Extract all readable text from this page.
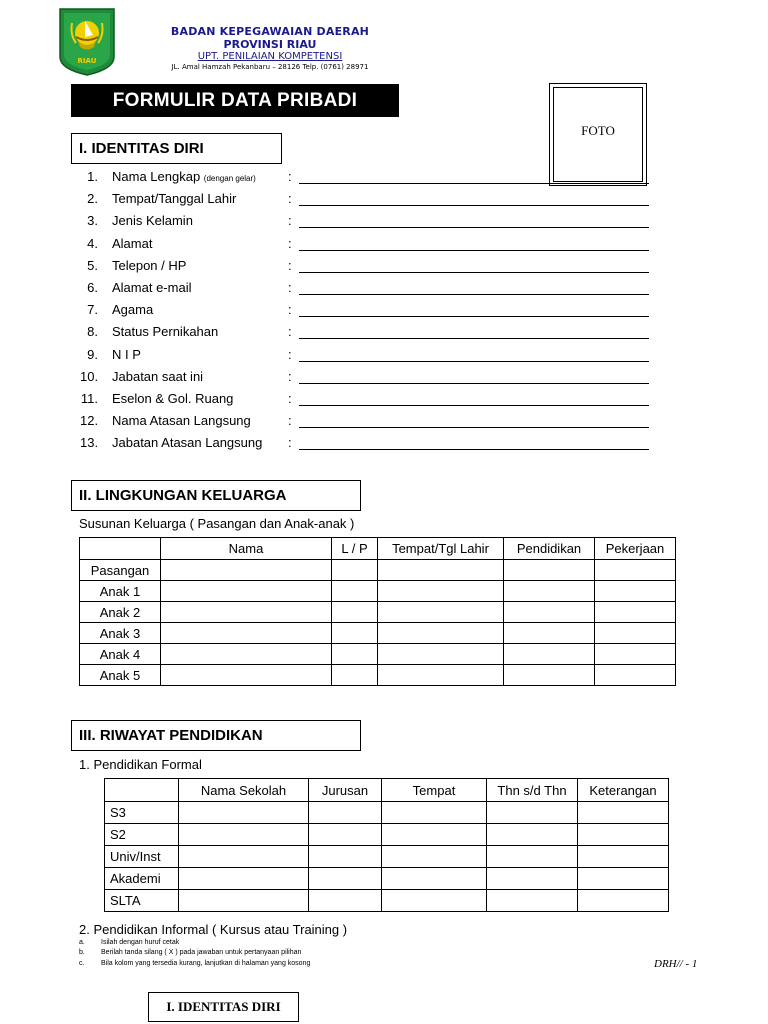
RIAU
BADAN KEPEGAWAIAN DAERAH
PROVINSI RIAU
UPT. PENILAIAN KOMPETENSI
JL. Amal Hamzah Pekanbaru – 28126 Telp. (0761) 28971
FORMULIR DATA PRIBADI
FOTO
I. IDENTITAS DIRI
1. Nama Lengkap (dengan gelar) :
2. Tempat/Tanggal Lahir	:
3. Jenis Kelamin	:
4. Alamat	:
5. Telepon / HP	:
6. Alamat e-mail	:
7. Agama	:
8. Status Pernikahan	:
9. N I P	:
10. Jabatan saat ini	:
11. Eselon & Gol. Ruang	:
12. Nama Atasan Langsung	:
13. Jabatan Atasan Langsung :
II. LINGKUNGAN KELUARGA
Susunan Keluarga ( Pasangan dan Anak-anak )
	Nama	L / P	Tempat/Tgl Lahir	Pendidikan	Pekerjaan
Pasangan					
Anak 1					
Anak 2					
Anak 3					
Anak 4					
Anak 5					
III. RIWAYAT PENDIDIKAN
1. Pendidikan Formal
	Nama Sekolah	Jurusan	Tempat	Thn s/d Thn	Keterangan
S3					
S2					
Univ/Inst					
Akademi					
SLTA					
2. Pendidikan Informal ( Kursus atau Training )
a. Isilah dengan huruf cetak
b. Berilah tanda silang ( X ) pada jawaban untuk pertanyaan pilihan
c. Bila kolom yang tersedia kurang, lanjutkan di halaman yang kosong	DRH// - 1
I. IDENTITAS DIRI
